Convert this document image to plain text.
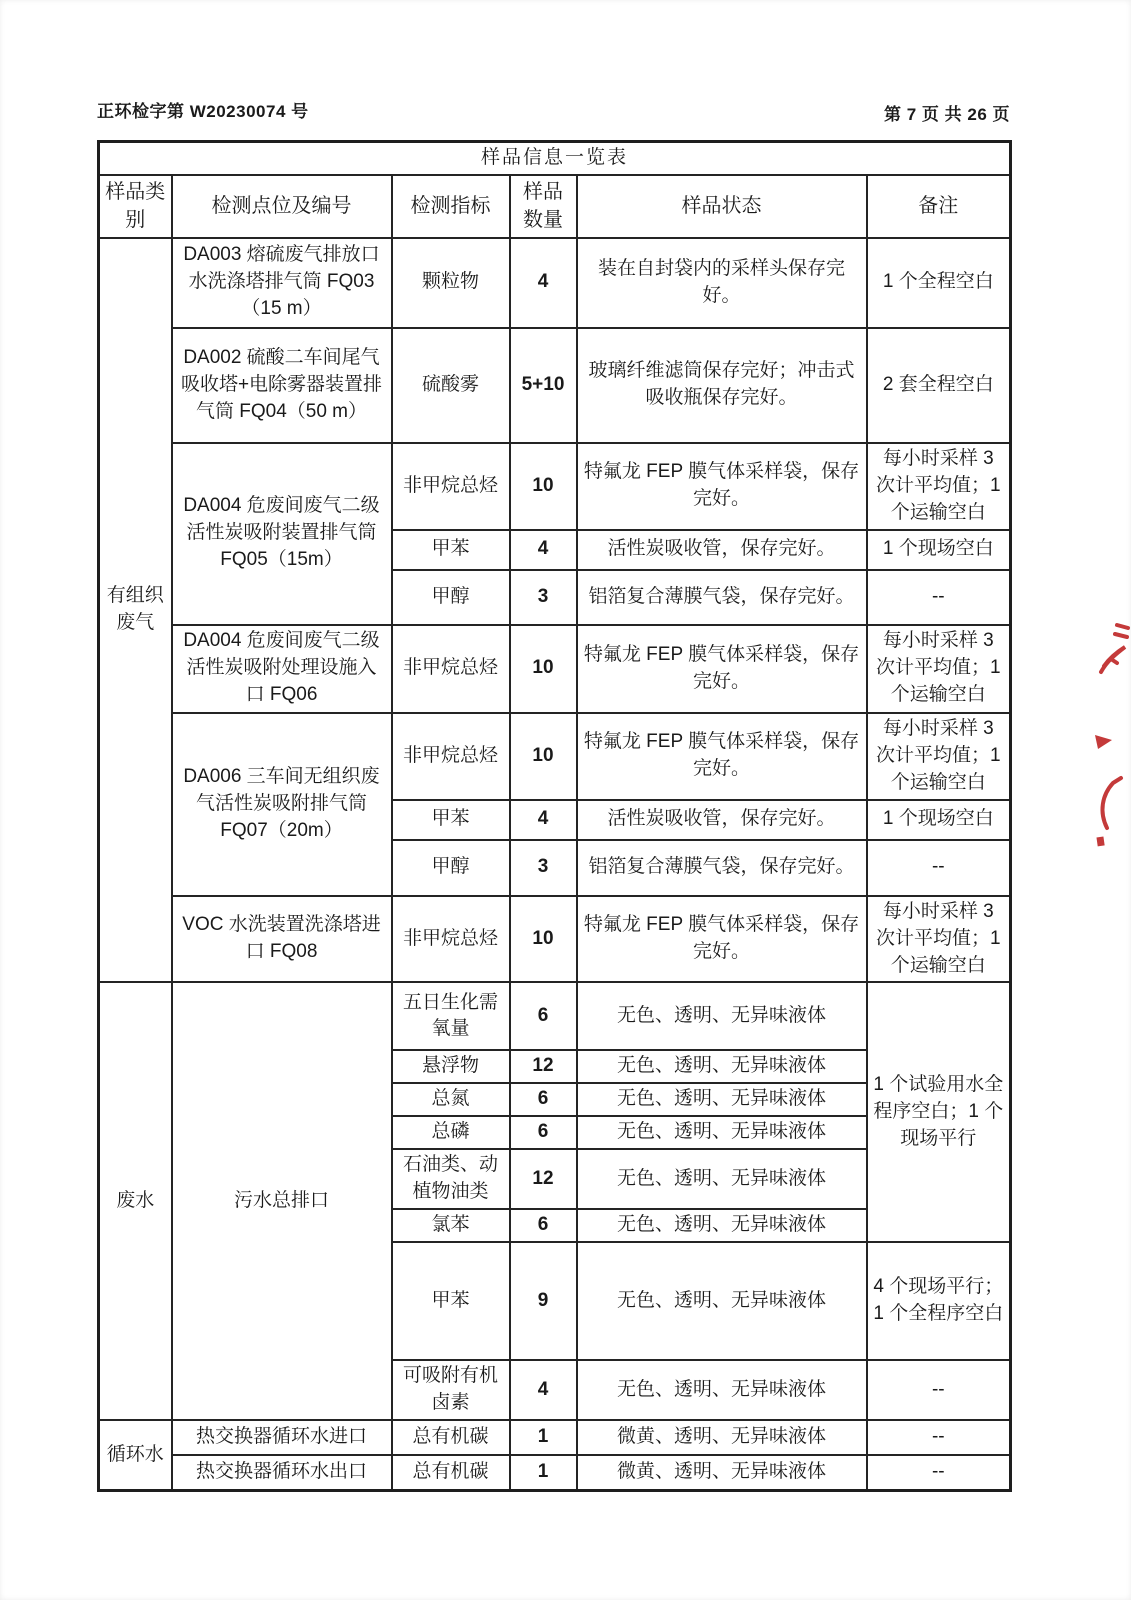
正环检字第 W20230074 号	第 7 页 共 26 页
样品信息一览表					
样品类别	检测点位及编号	检测指标	样品数量	样品状态	备注
有组织废气	DA003 熔硫废气排放口水洗涤塔排气筒 FQ03（15 m）	颗粒物	4	装在自封袋内的采样头保存完好。	1 个全程空白
	DA002 硫酸二车间尾气吸收塔+电除雾器装置排气筒 FQ04（50 m）	硫酸雾	5+10	玻璃纤维滤筒保存完好；冲击式吸收瓶保存完好。	2 套全程空白
	DA004 危废间废气二级活性炭吸附装置排气筒 FQ05（15m）	非甲烷总烃	10	特氟龙 FEP 膜气体采样袋，保存完好。	每小时采样 3 次计平均值；1 个运输空白
		甲苯	4	活性炭吸收管，保存完好。	1 个现场空白
		甲醇	3	铝箔复合薄膜气袋，保存完好。	--
	DA004 危废间废气二级活性炭吸附处理设施入口 FQ06	非甲烷总烃	10	特氟龙 FEP 膜气体采样袋，保存完好。	每小时采样 3 次计平均值；1 个运输空白
	DA006 三车间无组织废气活性炭吸附排气筒 FQ07（20m）	非甲烷总烃	10	特氟龙 FEP 膜气体采样袋，保存完好。	每小时采样 3 次计平均值；1 个运输空白
		甲苯	4	活性炭吸收管，保存完好。	1 个现场空白
		甲醇	3	铝箔复合薄膜气袋，保存完好。	--
	VOC 水洗装置洗涤塔进口 FQ08	非甲烷总烃	10	特氟龙 FEP 膜气体采样袋，保存完好。	每小时采样 3 次计平均值；1 个运输空白
废水	污水总排口	五日生化需氧量	6	无色、透明、无异味液体	1 个试验用水全程序空白；1 个现场平行
		悬浮物	12	无色、透明、无异味液体	
		总氮	6	无色、透明、无异味液体	
		总磷	6	无色、透明、无异味液体	
		石油类、动植物油类	12	无色、透明、无异味液体	
		氯苯	6	无色、透明、无异味液体	
		甲苯	9	无色、透明、无异味液体	4 个现场平行；1 个全程序空白
		可吸附有机卤素	4	无色、透明、无异味液体	--
循环水	热交换器循环水进口	总有机碳	1	微黄、透明、无异味液体	--
	热交换器循环水出口	总有机碳	1	微黄、透明、无异味液体	--
